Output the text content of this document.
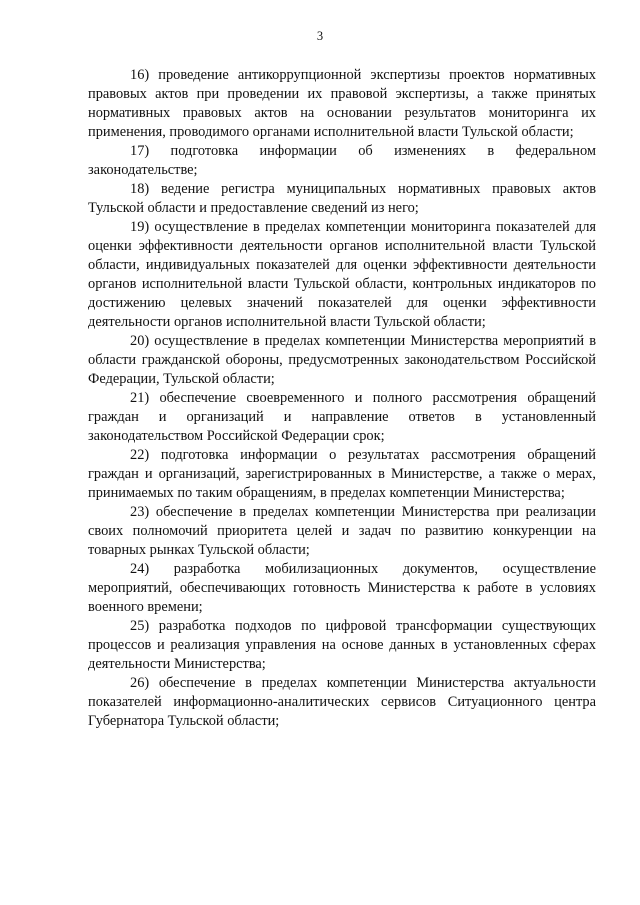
3

16) проведение антикоррупционной экспертизы проектов нормативных правовых актов при проведении их правовой экспертизы, а также принятых нормативных правовых актов на основании результатов мониторинга их применения, проводимого органами исполнительной власти Тульской области;

17) подготовка информации об изменениях в федеральном законодательстве;

18) ведение регистра муниципальных нормативных правовых актов Тульской области и предоставление сведений из него;

19) осуществление в пределах компетенции мониторинга показателей для оценки эффективности деятельности органов исполнительной власти Тульской области, индивидуальных показателей для оценки эффективности деятельности органов исполнительной власти Тульской области, контрольных индикаторов по достижению целевых значений показателей для оценки эффективности деятельности органов исполнительной власти Тульской области;

20) осуществление в пределах компетенции Министерства мероприятий в области гражданской обороны, предусмотренных законодательством Российской Федерации, Тульской области;

21) обеспечение своевременного и полного рассмотрения обращений граждан и организаций и направление ответов в установленный законодательством Российской Федерации срок;

22) подготовка информации о результатах рассмотрения обращений граждан и организаций, зарегистрированных в Министерстве, а также о мерах, принимаемых по таким обращениям, в пределах компетенции Министерства;

23) обеспечение в пределах компетенции Министерства при реализации своих полномочий приоритета целей и задач по развитию конкуренции на товарных рынках Тульской области;

24) разработка мобилизационных документов, осуществление мероприятий, обеспечивающих готовность Министерства к работе в условиях военного времени;

25) разработка подходов по цифровой трансформации существующих процессов и реализация управления на основе данных в установленных сферах деятельности Министерства;

26) обеспечение в пределах компетенции Министерства актуальности показателей информационно-аналитических сервисов Ситуационного центра Губернатора Тульской области;
